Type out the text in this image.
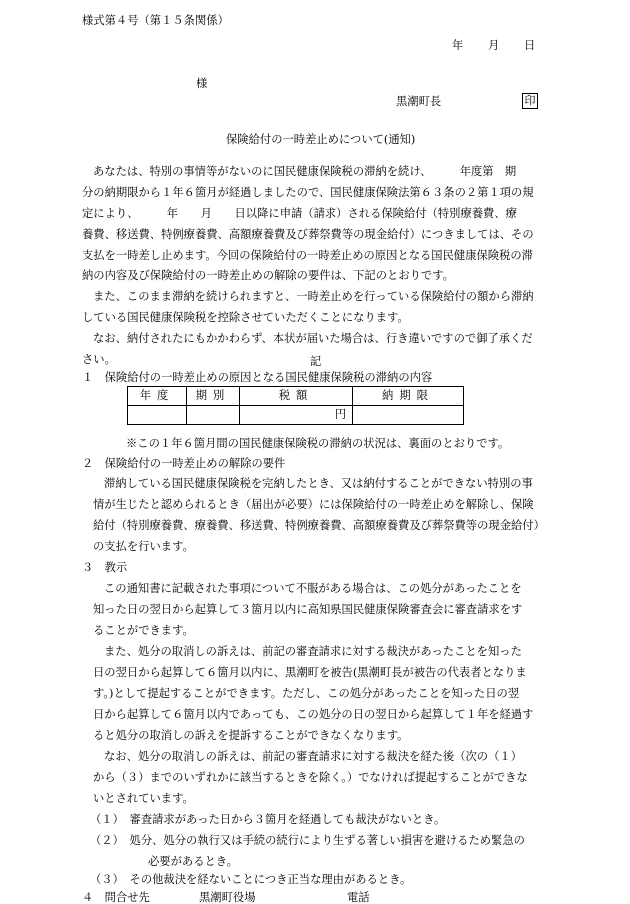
様式第４号（第１５条関係）
年 月 日
様
黒潮町長	印
保険給付の一時差止めについて(通知)
あなたは、特別の事情等がないのに国民健康保険税の滞納を続け、　　　年度第　期
分の納期限から１年６箇月が経過しましたので、国民健康保険法第６３条の２第１項の規
定により、　　　年　　月　　日以降に申請（請求）される保険給付（特別療養費、療
養費、移送費、特例療養費、高額療養費及び葬祭費等の現金給付）につきましては、その
支払を一時差し止めます。今回の保険給付の一時差止めの原因となる国民健康保険税の滞
納の内容及び保険給付の一時差止めの解除の要件は、下記のとおりです。
また、このまま滞納を続けられますと、一時差止めを行っている保険給付の額から滞納
している国民健康保険税を控除させていただくことになります。
なお、納付されたにもかかわらず、本状が届いた場合は、行き違いですので御了承くだ
さい。	記
１　保険給付の一時差止めの原因となる国民健康保険税の滞納の内容
年度	期別	税額	納期限
		円	
※この１年６箇月間の国民健康保険税の滞納の状況は、裏面のとおりです。
２　保険給付の一時差止めの解除の要件
滞納している国民健康保険税を完納したとき、又は納付することができない特別の事
情が生じたと認められるとき（届出が必要）には保険給付の一時差止めを解除し、保険
給付（特別療養費、療養費、移送費、特例療養費、高額療養費及び葬祭費等の現金給付）
の支払を行います。
３　教示
この通知書に記載された事項について不服がある場合は、この処分があったことを
知った日の翌日から起算して３箇月以内に高知県国民健康保険審査会に審査請求をす
ることができます。
また、処分の取消しの訴えは、前記の審査請求に対する裁決があったことを知った
日の翌日から起算して６箇月以内に、黒潮町を被告(黒潮町長が被告の代表者となりま
す。)として提起することができます。ただし、この処分があったことを知った日の翌
日から起算して６箇月以内であっても、この処分の日の翌日から起算して１年を経過す
ると処分の取消しの訴えを提訴することができなくなります。
なお、処分の取消しの訴えは、前記の審査請求に対する裁決を経た後（次の（１）
から（３）までのいずれかに該当するときを除く。）でなければ提起することができな
いとされています。
（１）　審査請求があった日から３箇月を経過しても裁決がないとき。
（２）　処分、処分の執行又は手続の続行により生ずる著しい損害を避けるため緊急の
必要があるとき。
（３）　その他裁決を経ないことにつき正当な理由があるとき。
４　問合せ先	黒潮町役場	電話
